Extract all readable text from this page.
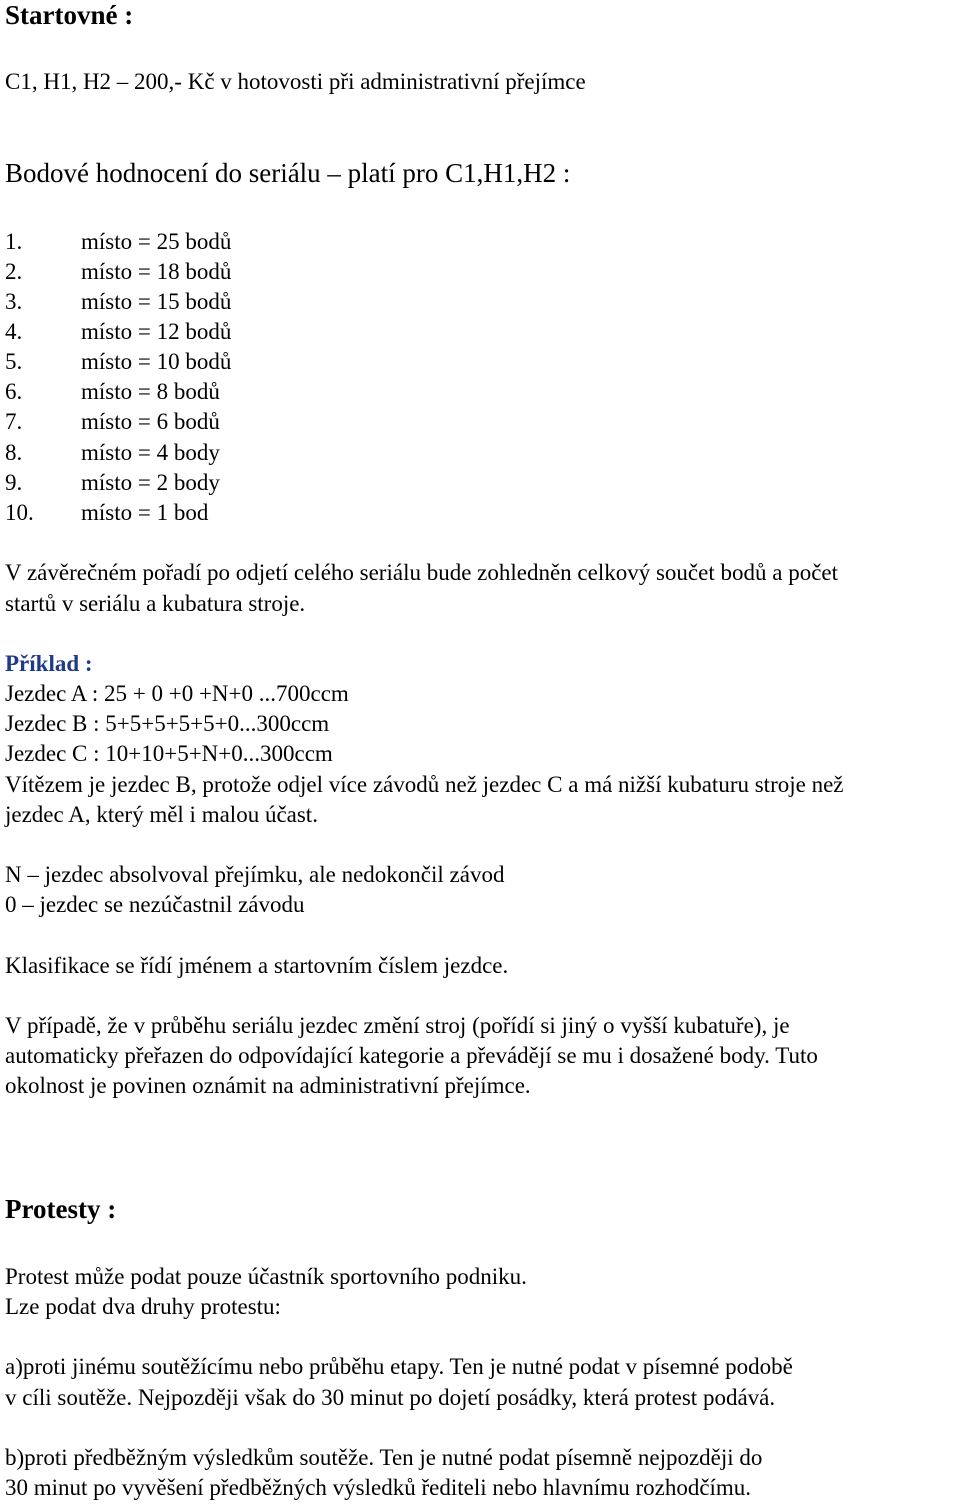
Startovné :
C1, H1, H2 – 200,- Kč v hotovosti při administrativní přejímce
Bodové hodnocení do seriálu – platí pro C1,H1,H2 :
1.	místo = 25 bodů
2.	místo = 18 bodů
3.	místo = 15 bodů
4.	místo = 12 bodů
5.	místo = 10 bodů
6.	místo = 8 bodů
7.	místo = 6 bodů
8.	místo = 4 body
9.	místo = 2 body
10. místo = 1 bod
V závěrečném pořadí po odjetí celého seriálu bude zohledněn celkový součet bodů a počet
startů v seriálu a kubatura stroje.
Příklad :
Jezdec A : 25 + 0 +0 +N+0 ...700ccm
Jezdec B : 5+5+5+5+5+0...300ccm
Jezdec C : 10+10+5+N+0...300ccm
Vítězem je jezdec B, protože odjel více závodů než jezdec C a má nižší kubaturu stroje než
jezdec A, který měl i malou účast.
N – jezdec absolvoval přejímku, ale nedokončil závod
0 – jezdec se nezúčastnil závodu
Klasifikace se řídí jménem a startovním číslem jezdce.
V případě, že v průběhu seriálu jezdec změní stroj (pořídí si jiný o vyšší kubatuře), je
automaticky přeřazen do odpovídající kategorie a převádějí se mu i dosažené body. Tuto
okolnost je povinen oznámit na administrativní přejímce.
Protesty :
Protest může podat pouze účastník sportovního podniku.
Lze podat dva druhy protestu:
a)proti jinému soutěžícímu nebo průběhu etapy. Ten je nutné podat v písemné podobě
v cíli soutěže. Nejpozději však do 30 minut po dojetí posádky, která protest podává.
b)proti předběžným výsledkům soutěže. Ten je nutné podat písemně nejpozději do
30 minut po vyvěšení předběžných výsledků řediteli nebo hlavnímu rozhodčímu.
